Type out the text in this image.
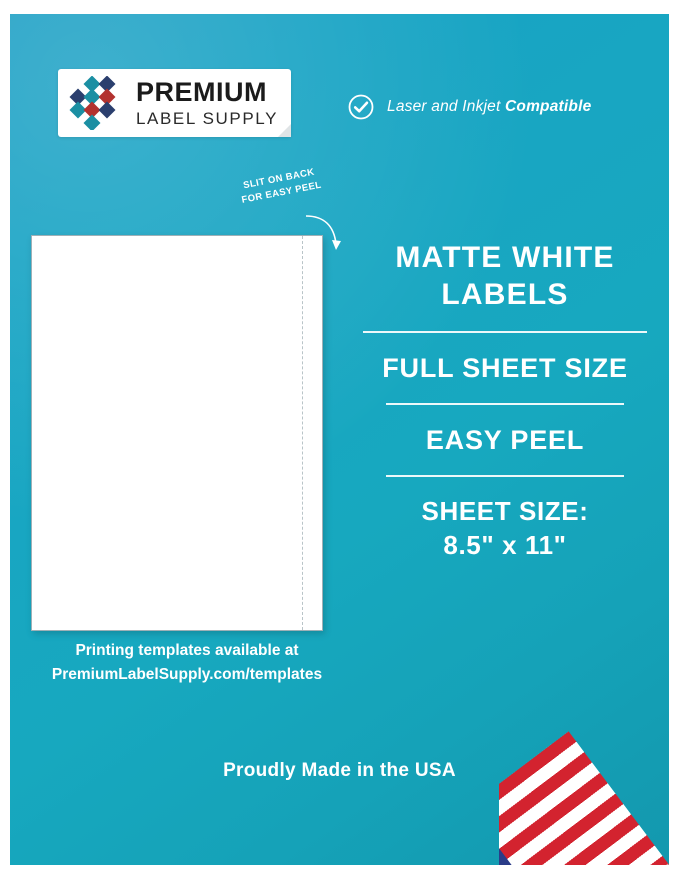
PREMIUM
LABEL SUPPLY
Laser and Inkjet Compatible
SLIT ON BACK FOR EASY PEEL
MATTE WHITE LABELS
FULL SHEET SIZE
EASY PEEL
SHEET SIZE:
8.5" x 11"
Printing templates available at
PremiumLabelSupply.com/templates
Proudly Made in the USA
